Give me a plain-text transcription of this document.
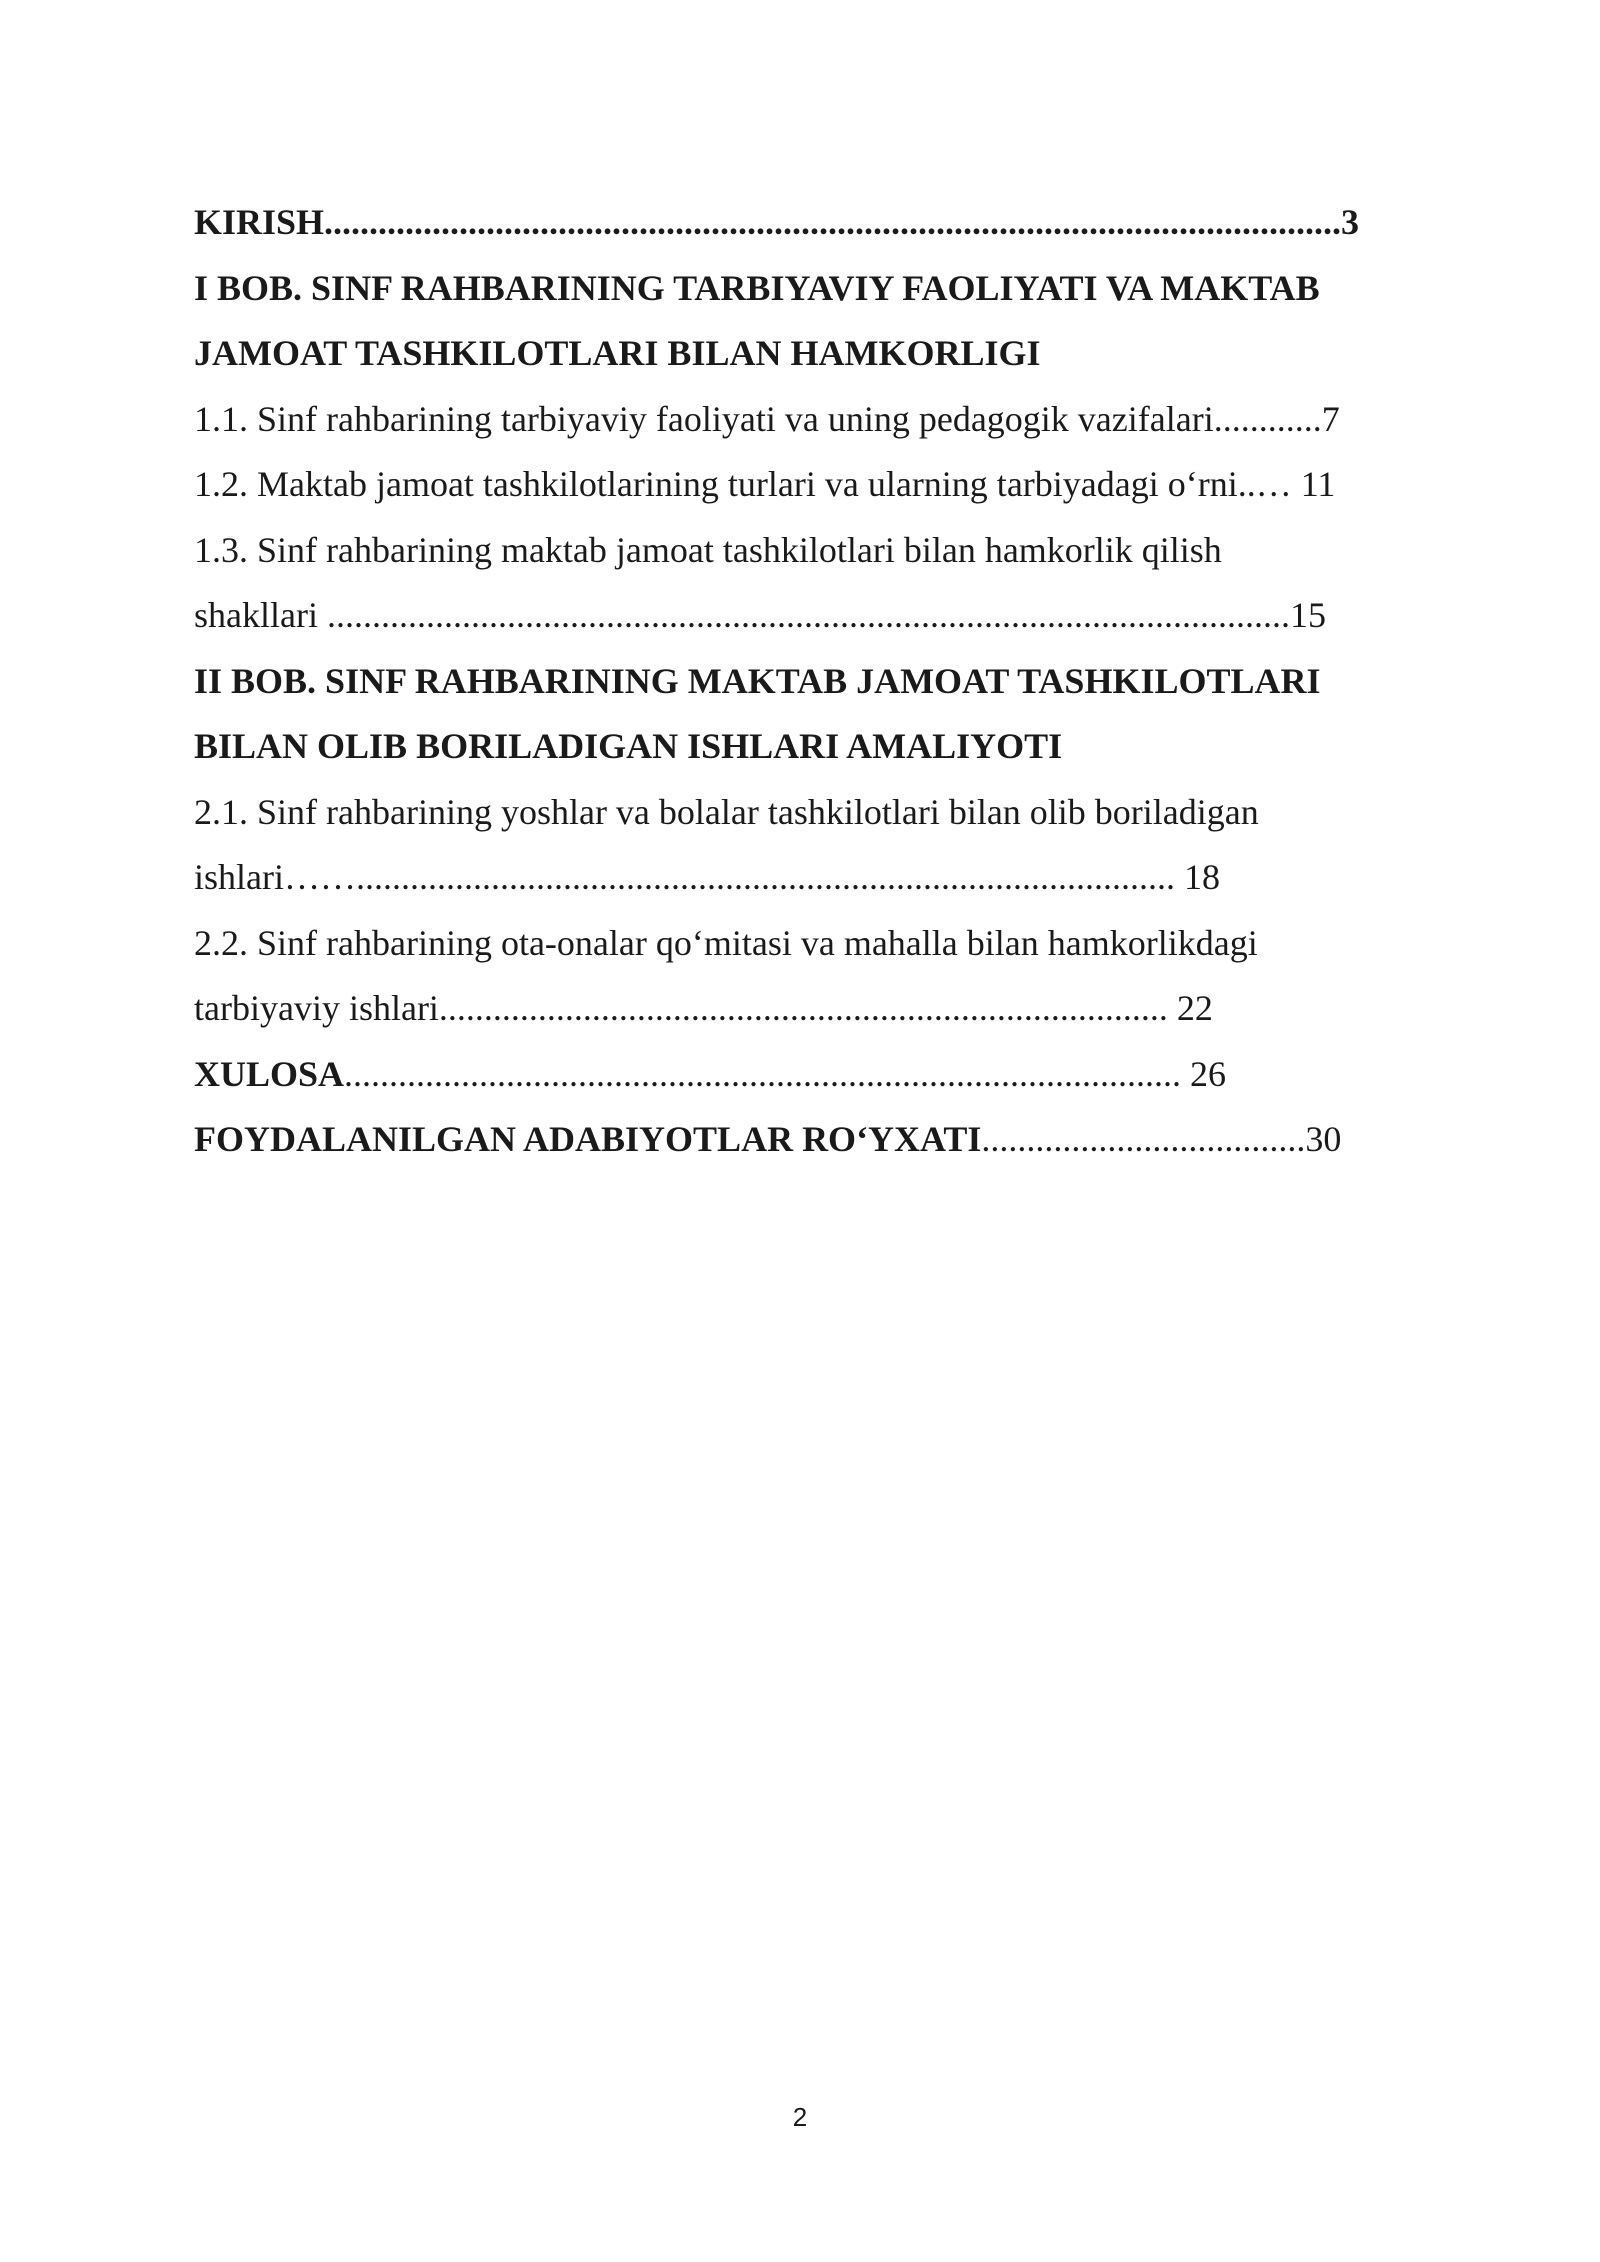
KIRISH.................................................................................................................3
I BOB. SINF RAHBARINING TARBIYAVIY FAOLIYATI VA MAKTAB
JAMOAT TASHKILOTLARI BILAN HAMKORLIGI
1.1. Sinf rahbarining tarbiyaviy faoliyati va uning pedagogik vazifalari............7
1.2. Maktab jamoat tashkilotlarining turlari va ularning tarbiyadagi o‘rni..… 11
1.3. Sinf rahbarining maktab jamoat tashkilotlari bilan hamkorlik qilish
shakllari ...........................................................................................................15
II BOB. SINF RAHBARINING MAKTAB JAMOAT TASHKILOTLARI
BILAN OLIB BORILADIGAN ISHLARI AMALIYOTI
2.1. Sinf rahbarining yoshlar va bolalar tashkilotlari bilan olib boriladigan
ishlari……........................................................................................... 18
2.2. Sinf rahbarining ota-onalar qo‘mitasi va mahalla bilan hamkorlikdagi
tarbiyaviy ishlari................................................................................. 22
XULOSA............................................................................................. 26
FOYDALANILGAN ADABIYOTLAR RO‘YXATI....................................30
2
